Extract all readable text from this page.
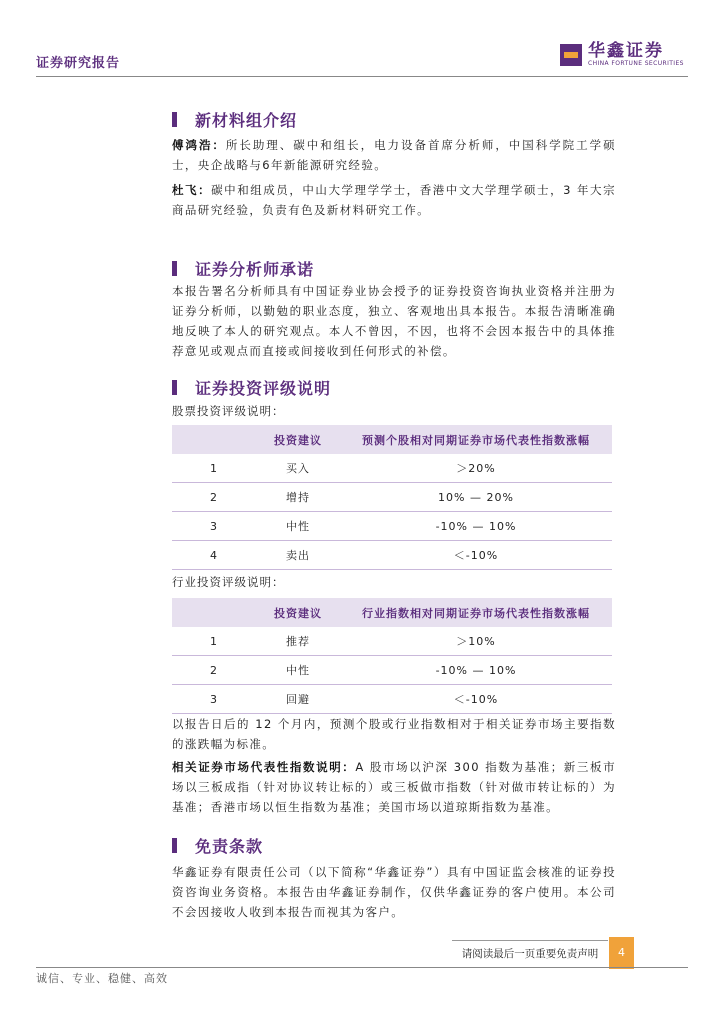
证券研究报告
华鑫证券
CHINA FORTUNE SECURITIES
新材料组介绍
傅鸿浩：所长助理、碳中和组长，电力设备首席分析师，中国科学院工学硕士，央企战略与6年新能源研究经验。
杜飞：碳中和组成员，中山大学理学学士，香港中文大学理学硕士，3 年大宗商品研究经验，负责有色及新材料研究工作。
证券分析师承诺
本报告署名分析师具有中国证券业协会授予的证券投资咨询执业资格并注册为证券分析师，以勤勉的职业态度，独立、客观地出具本报告。本报告清晰准确地反映了本人的研究观点。本人不曾因，不因，也将不会因本报告中的具体推荐意见或观点而直接或间接收到任何形式的补偿。
证券投资评级说明
股票投资评级说明：
	投资建议	预测个股相对同期证券市场代表性指数涨幅
1	买入	＞20%
2	增持	10% — 20%
3	中性	-10% — 10%
4	卖出	＜-10%
行业投资评级说明：
	投资建议	行业指数相对同期证券市场代表性指数涨幅
1	推荐	＞10%
2	中性	-10% — 10%
3	回避	＜-10%
以报告日后的 12 个月内，预测个股或行业指数相对于相关证券市场主要指数的涨跌幅为标准。
相关证券市场代表性指数说明：A 股市场以沪深 300 指数为基准；新三板市场以三板成指（针对协议转让标的）或三板做市指数（针对做市转让标的）为基准；香港市场以恒生指数为基准；美国市场以道琼斯指数为基准。
免责条款
华鑫证券有限责任公司（以下简称“华鑫证券”）具有中国证监会核准的证券投资咨询业务资格。本报告由华鑫证券制作，仅供华鑫证券的客户使用。本公司不会因接收人收到本报告而视其为客户。
请阅读最后一页重要免责声明	4
诚信、专业、稳健、高效
